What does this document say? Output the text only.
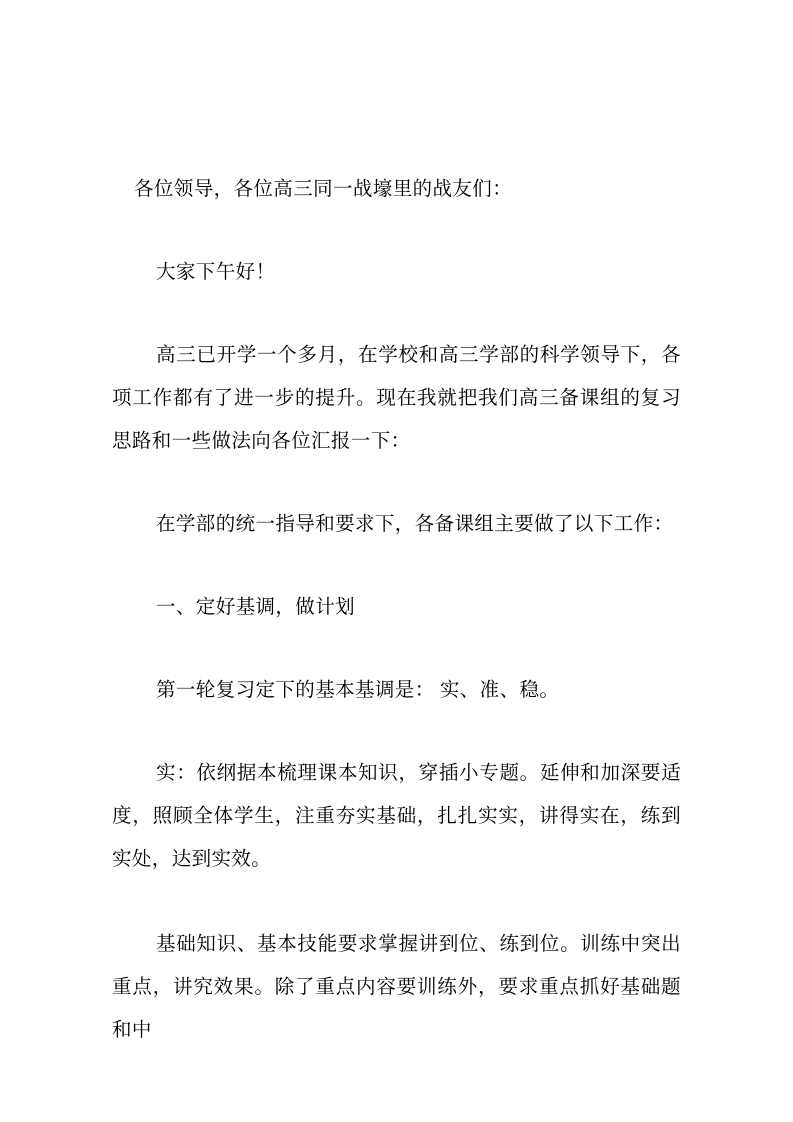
各位领导，各位高三同一战壕里的战友们：

大家下午好！

高三已开学一个多月，在学校和高三学部的科学领导下，各项工作都有了进一步的提升。现在我就把我们高三备课组的复习思路和一些做法向各位汇报一下：

在学部的统一指导和要求下，各备课组主要做了以下工作：

一、定好基调，做计划

第一轮复习定下的基本基调是： 实、准、稳。

实：依纲据本梳理课本知识，穿插小专题。延伸和加深要适度，照顾全体学生，注重夯实基础，扎扎实实，讲得实在，练到实处，达到实效。

基础知识、基本技能要求掌握讲到位、练到位。训练中突出重点，讲究效果。除了重点内容要训练外，要求重点抓好基础题和中
